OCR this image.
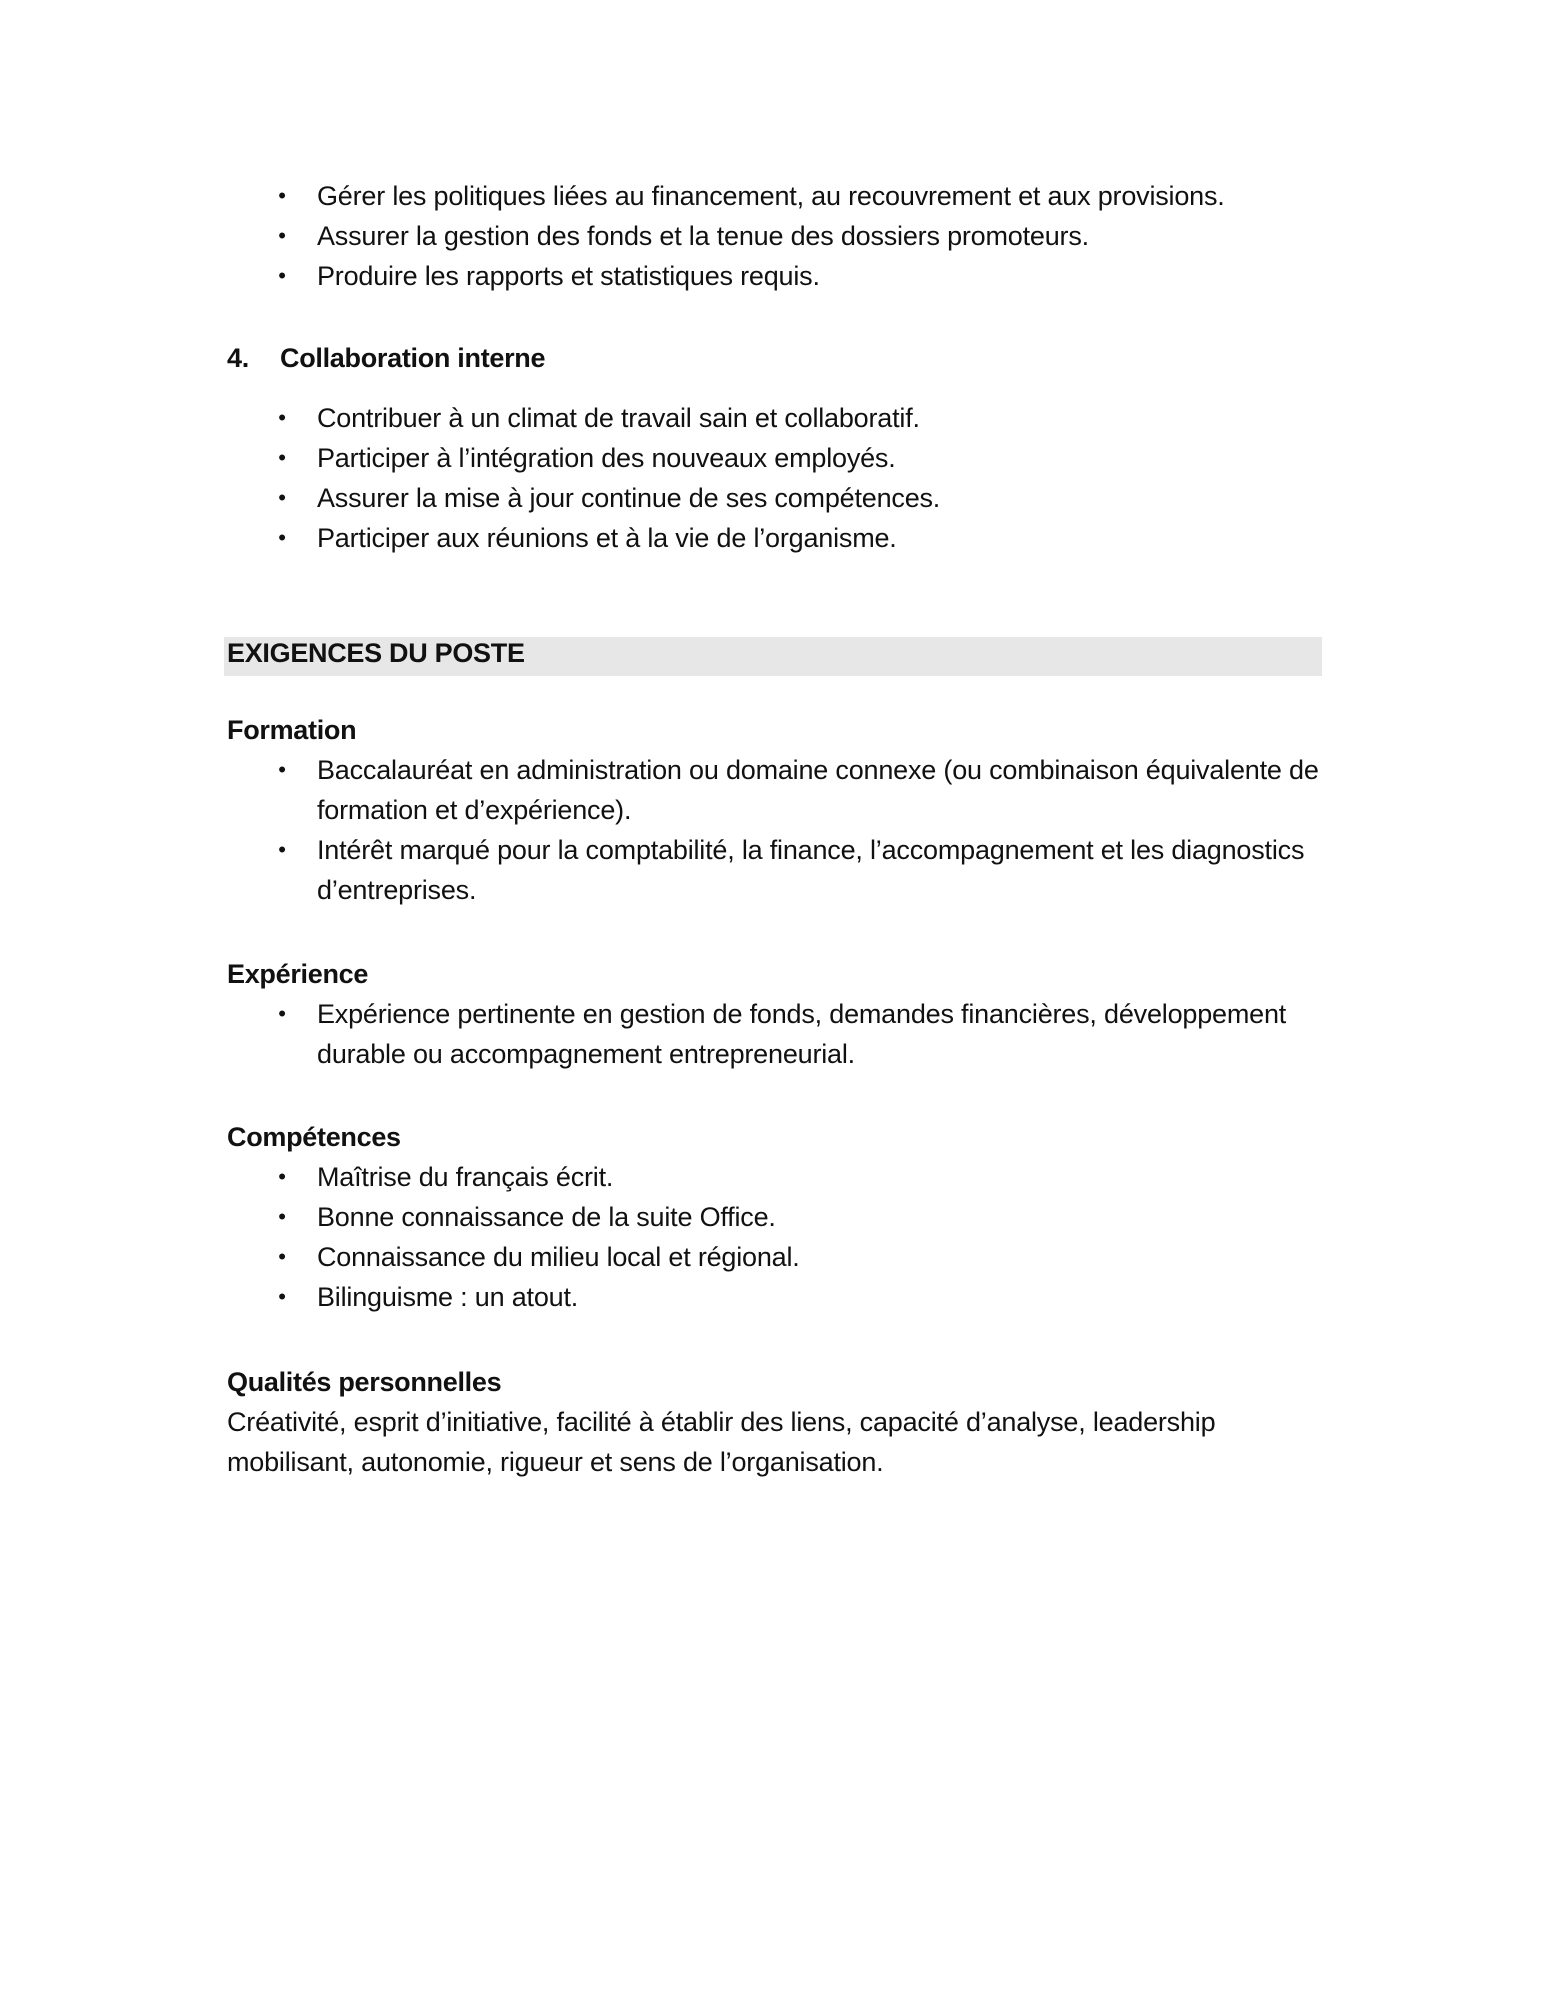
• Gérer les politiques liées au financement, au recouvrement et aux provisions.
• Assurer la gestion des fonds et la tenue des dossiers promoteurs.
• Produire les rapports et statistiques requis.
4. Collaboration interne
• Contribuer à un climat de travail sain et collaboratif.
• Participer à l’intégration des nouveaux employés.
• Assurer la mise à jour continue de ses compétences.
• Participer aux réunions et à la vie de l’organisme.
EXIGENCES DU POSTE
Formation
• Baccalauréat en administration ou domaine connexe (ou combinaison équivalente de formation et d’expérience).
• Intérêt marqué pour la comptabilité, la finance, l’accompagnement et les diagnostics d’entreprises.
Expérience
• Expérience pertinente en gestion de fonds, demandes financières, développement durable ou accompagnement entrepreneurial.
Compétences
• Maîtrise du français écrit.
• Bonne connaissance de la suite Office.
• Connaissance du milieu local et régional.
• Bilinguisme : un atout.
Qualités personnelles
Créativité, esprit d’initiative, facilité à établir des liens, capacité d’analyse, leadership mobilisant, autonomie, rigueur et sens de l’organisation.
